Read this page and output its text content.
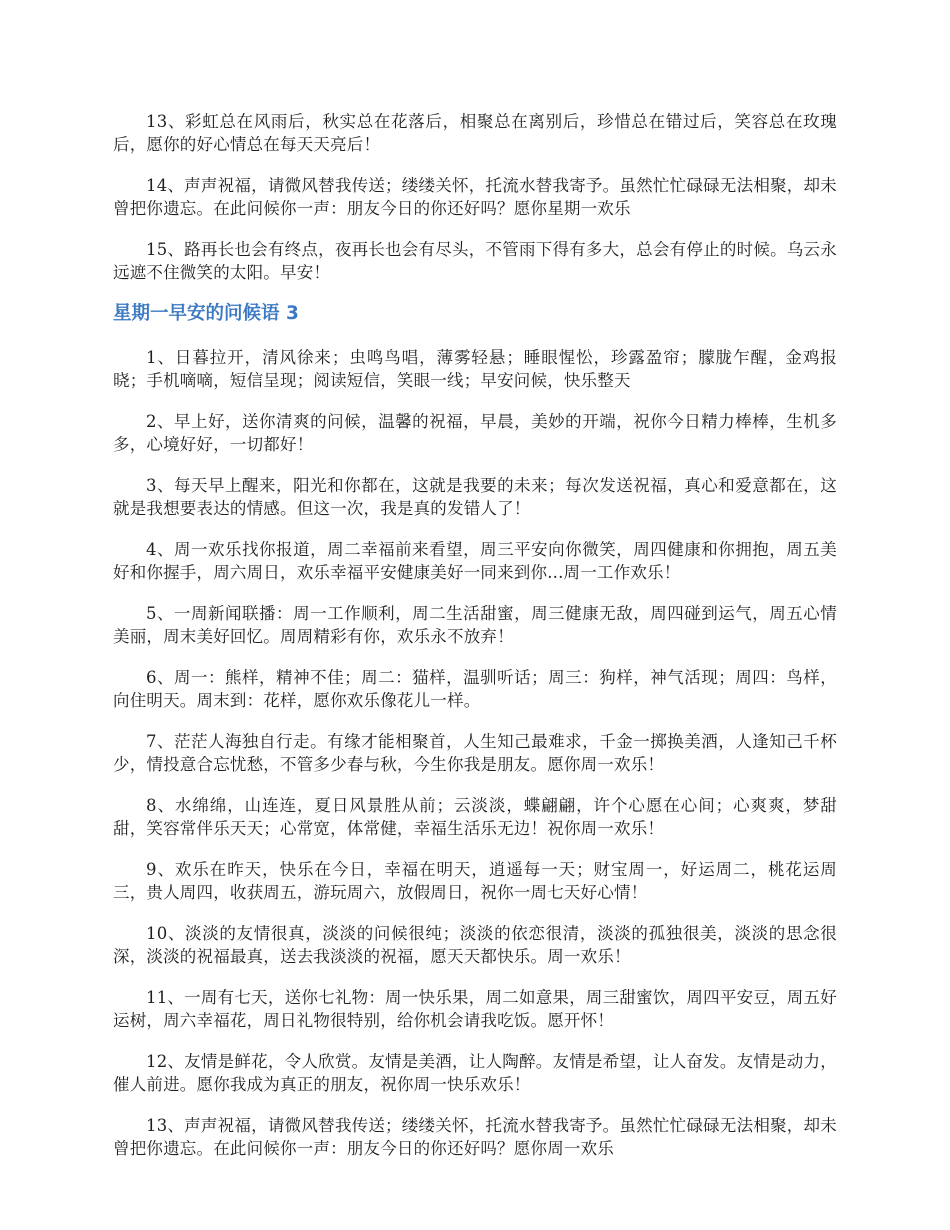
13、彩虹总在风雨后，秋实总在花落后，相聚总在离别后，珍惜总在错过后，笑容总在玫瑰后，愿你的好心情总在每天天亮后！

14、声声祝福，请微风替我传送；缕缕关怀，托流水替我寄予。虽然忙忙碌碌无法相聚，却未曾把你遗忘。在此问候你一声：朋友今日的你还好吗？愿你星期一欢乐

15、路再长也会有终点，夜再长也会有尽头，不管雨下得有多大，总会有停止的时候。乌云永远遮不住微笑的太阳。早安！

星期一早安的问候语 3

1、日暮拉开，清风徐来；虫鸣鸟唱，薄雾轻悬；睡眼惺忪，珍露盈帘；朦胧乍醒，金鸡报晓；手机嘀嘀，短信呈现；阅读短信，笑眼一线；早安问候，快乐整天

2、早上好，送你清爽的问候，温馨的祝福，早晨，美妙的开端，祝你今日精力棒棒，生机多多，心境好好，一切都好！

3、每天早上醒来，阳光和你都在，这就是我要的未来；每次发送祝福，真心和爱意都在，这就是我想要表达的情感。但这一次，我是真的发错人了！

4、周一欢乐找你报道，周二幸福前来看望，周三平安向你微笑，周四健康和你拥抱，周五美好和你握手，周六周日，欢乐幸福平安健康美好一同来到你...周一工作欢乐！

5、一周新闻联播：周一工作顺利，周二生活甜蜜，周三健康无敌，周四碰到运气，周五心情美丽，周末美好回忆。周周精彩有你，欢乐永不放弃！

6、周一：熊样，精神不佳；周二：猫样，温驯听话；周三：狗样，神气活现；周四：鸟样，向住明天。周末到：花样，愿你欢乐像花儿一样。

7、茫茫人海独自行走。有缘才能相聚首，人生知己最难求，千金一掷换美酒，人逢知己千杯少，情投意合忘忧愁，不管多少春与秋，今生你我是朋友。愿你周一欢乐！

8、水绵绵，山连连，夏日风景胜从前；云淡淡，蝶翩翩，许个心愿在心间；心爽爽，梦甜甜，笑容常伴乐天天；心常宽，体常健，幸福生活乐无边！祝你周一欢乐！

9、欢乐在昨天，快乐在今日，幸福在明天，逍遥每一天；财宝周一，好运周二，桃花运周三，贵人周四，收获周五，游玩周六，放假周日，祝你一周七天好心情！

10、淡淡的友情很真，淡淡的问候很纯；淡淡的依恋很清，淡淡的孤独很美，淡淡的思念很深，淡淡的祝福最真，送去我淡淡的祝福，愿天天都快乐。周一欢乐！

11、一周有七天，送你七礼物：周一快乐果，周二如意果，周三甜蜜饮，周四平安豆，周五好运树，周六幸福花，周日礼物很特别，给你机会请我吃饭。愿开怀！

12、友情是鲜花，令人欣赏。友情是美酒，让人陶醉。友情是希望，让人奋发。友情是动力，催人前进。愿你我成为真正的朋友，祝你周一快乐欢乐！

13、声声祝福，请微风替我传送；缕缕关怀，托流水替我寄予。虽然忙忙碌碌无法相聚，却未曾把你遗忘。在此问候你一声：朋友今日的你还好吗？愿你周一欢乐
